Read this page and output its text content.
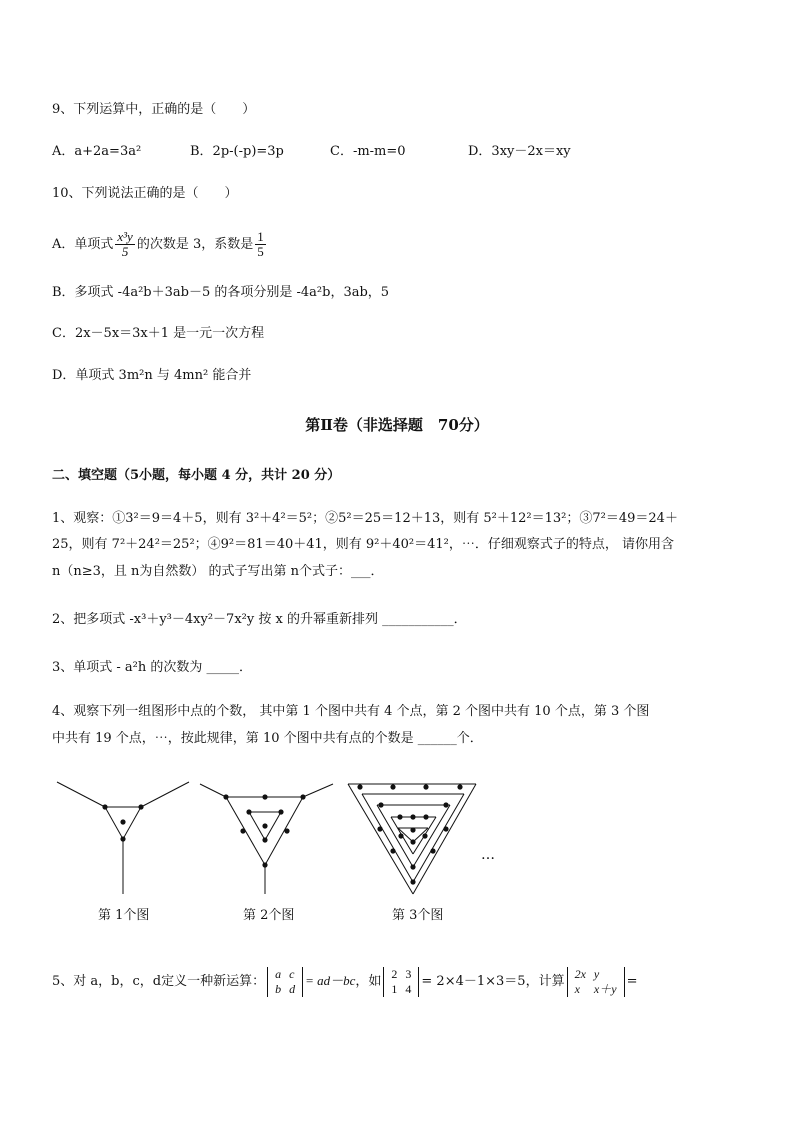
9、下列运算中，正确的是（　　）
A．a+2a=3a²	B．2p-(-p)=3p	C．-m-m=0	D．3xy－2x＝xy
10、下列说法正确的是（　　）
A．单项式 $\frac{\text{x³y}}{5}$ 的次数是 3，系数是 $\frac{1}{5}$
B．多项式 -4a²b＋3ab－5 的各项分别是 -4a²b，3ab，5
C．2x－5x＝3x＋1 是一元一次方程
D．单项式 3m²n 与 4mn² 能合并
第Ⅱ卷（非选择题　70分）
二、填空题（5小题，每小题 4 分，共计 20 分）
1、观察：①3²＝9＝4＋5，则有 3²＋4²＝5²；②5²＝25＝12＋13，则有 5²＋12²＝13²；③7²＝49＝24＋
25，则有 7²＋24²＝25²；④9²＝81＝40＋41，则有 9²＋40²＝41²，⋯．仔细观察式子的特点， 请你用含
n（n≥3，且 n为自然数） 的式子写出第 n个式子：___．
2、把多项式 -x³＋y³－4xy²－7x²y 按 x 的升幂重新排列 ___________．
3、单项式 - a²h 的次数为 _____．
4、观察下列一组图形中点的个数， 其中第 1 个图中共有 4 个点，第 2 个图中共有 10 个点，第 3 个图
中共有 19 个点，⋯，按此规律，第 10 个图中共有点的个数是 ______个．
…
第 1个图	第 2个图	第 3个图
5、对 a，b，c，d定义一种新运算：
a	c
b	d
= ad－bc，如
2	3
1	4 = 2×4－1×3＝5，计算
2x	y
x	x＋y =
